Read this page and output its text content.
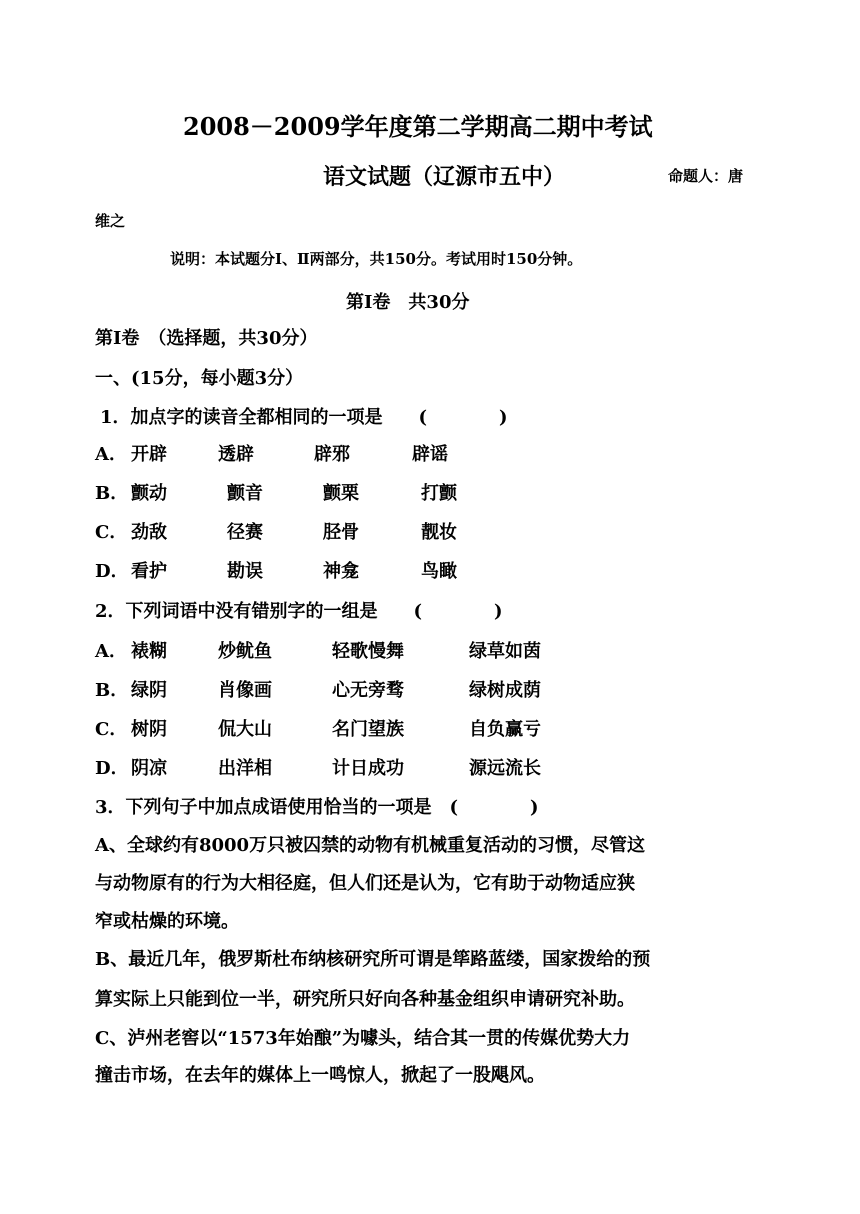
2008－2009学年度第二学期高二期中考试
语文试题（辽源市五中）	命题人：唐
维之
说明：本试题分Ⅰ、Ⅱ两部分，共150分。考试用时150分钟。
第Ⅰ卷　共30分
第Ⅰ卷　（选择题，共30分）
一、(15分，每小题3分）
1．加点字的读音全都相同的一项是　　(　　　　)
A． 开辟	透辟	辟邪	辟谣
B． 颤动	颤音	颤栗	打颤
C． 劲敌	径赛	胫骨	靓妆
D． 看护	勘误	神龛	鸟瞰
2．下列词语中没有错别字的一组是　　(　　　　)
A． 裱糊	炒鱿鱼	轻歌慢舞	绿草如茵
B． 绿阴	肖像画	心无旁骛	绿树成荫
C． 树阴	侃大山	名门望族	自负赢亏
D． 阴凉	出洋相	计日成功	源远流长
3．下列句子中加点成语使用恰当的一项是　(　　　　)
A、全球约有8000万只被囚禁的动物有机械重复活动的习惯，尽管这
与动物原有的行为大相径庭，但人们还是认为，它有助于动物适应狭
窄或枯燥的环境。
B、最近几年，俄罗斯杜布纳核研究所可谓是筚路蓝缕，国家拨给的预
算实际上只能到位一半，研究所只好向各种基金组织申请研究补助。
C、泸州老窖以“1573年始酿”为噱头，结合其一贯的传媒优势大力
撞击市场，在去年的媒体上一鸣惊人，掀起了一股飓风。
